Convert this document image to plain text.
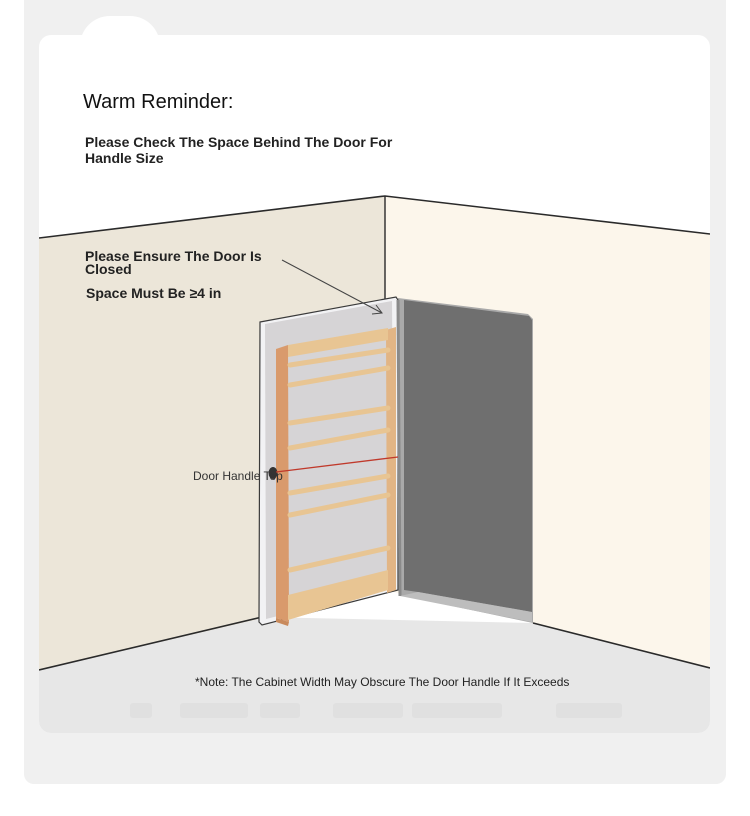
Warm Reminder:
Please Check The Space Behind The Door For Handle Size
Please Ensure The Door Is Closed
Space Must Be ≥4 in
Door Handle Top
*Note: The Cabinet Width May Obscure The Door Handle If It Exceeds
